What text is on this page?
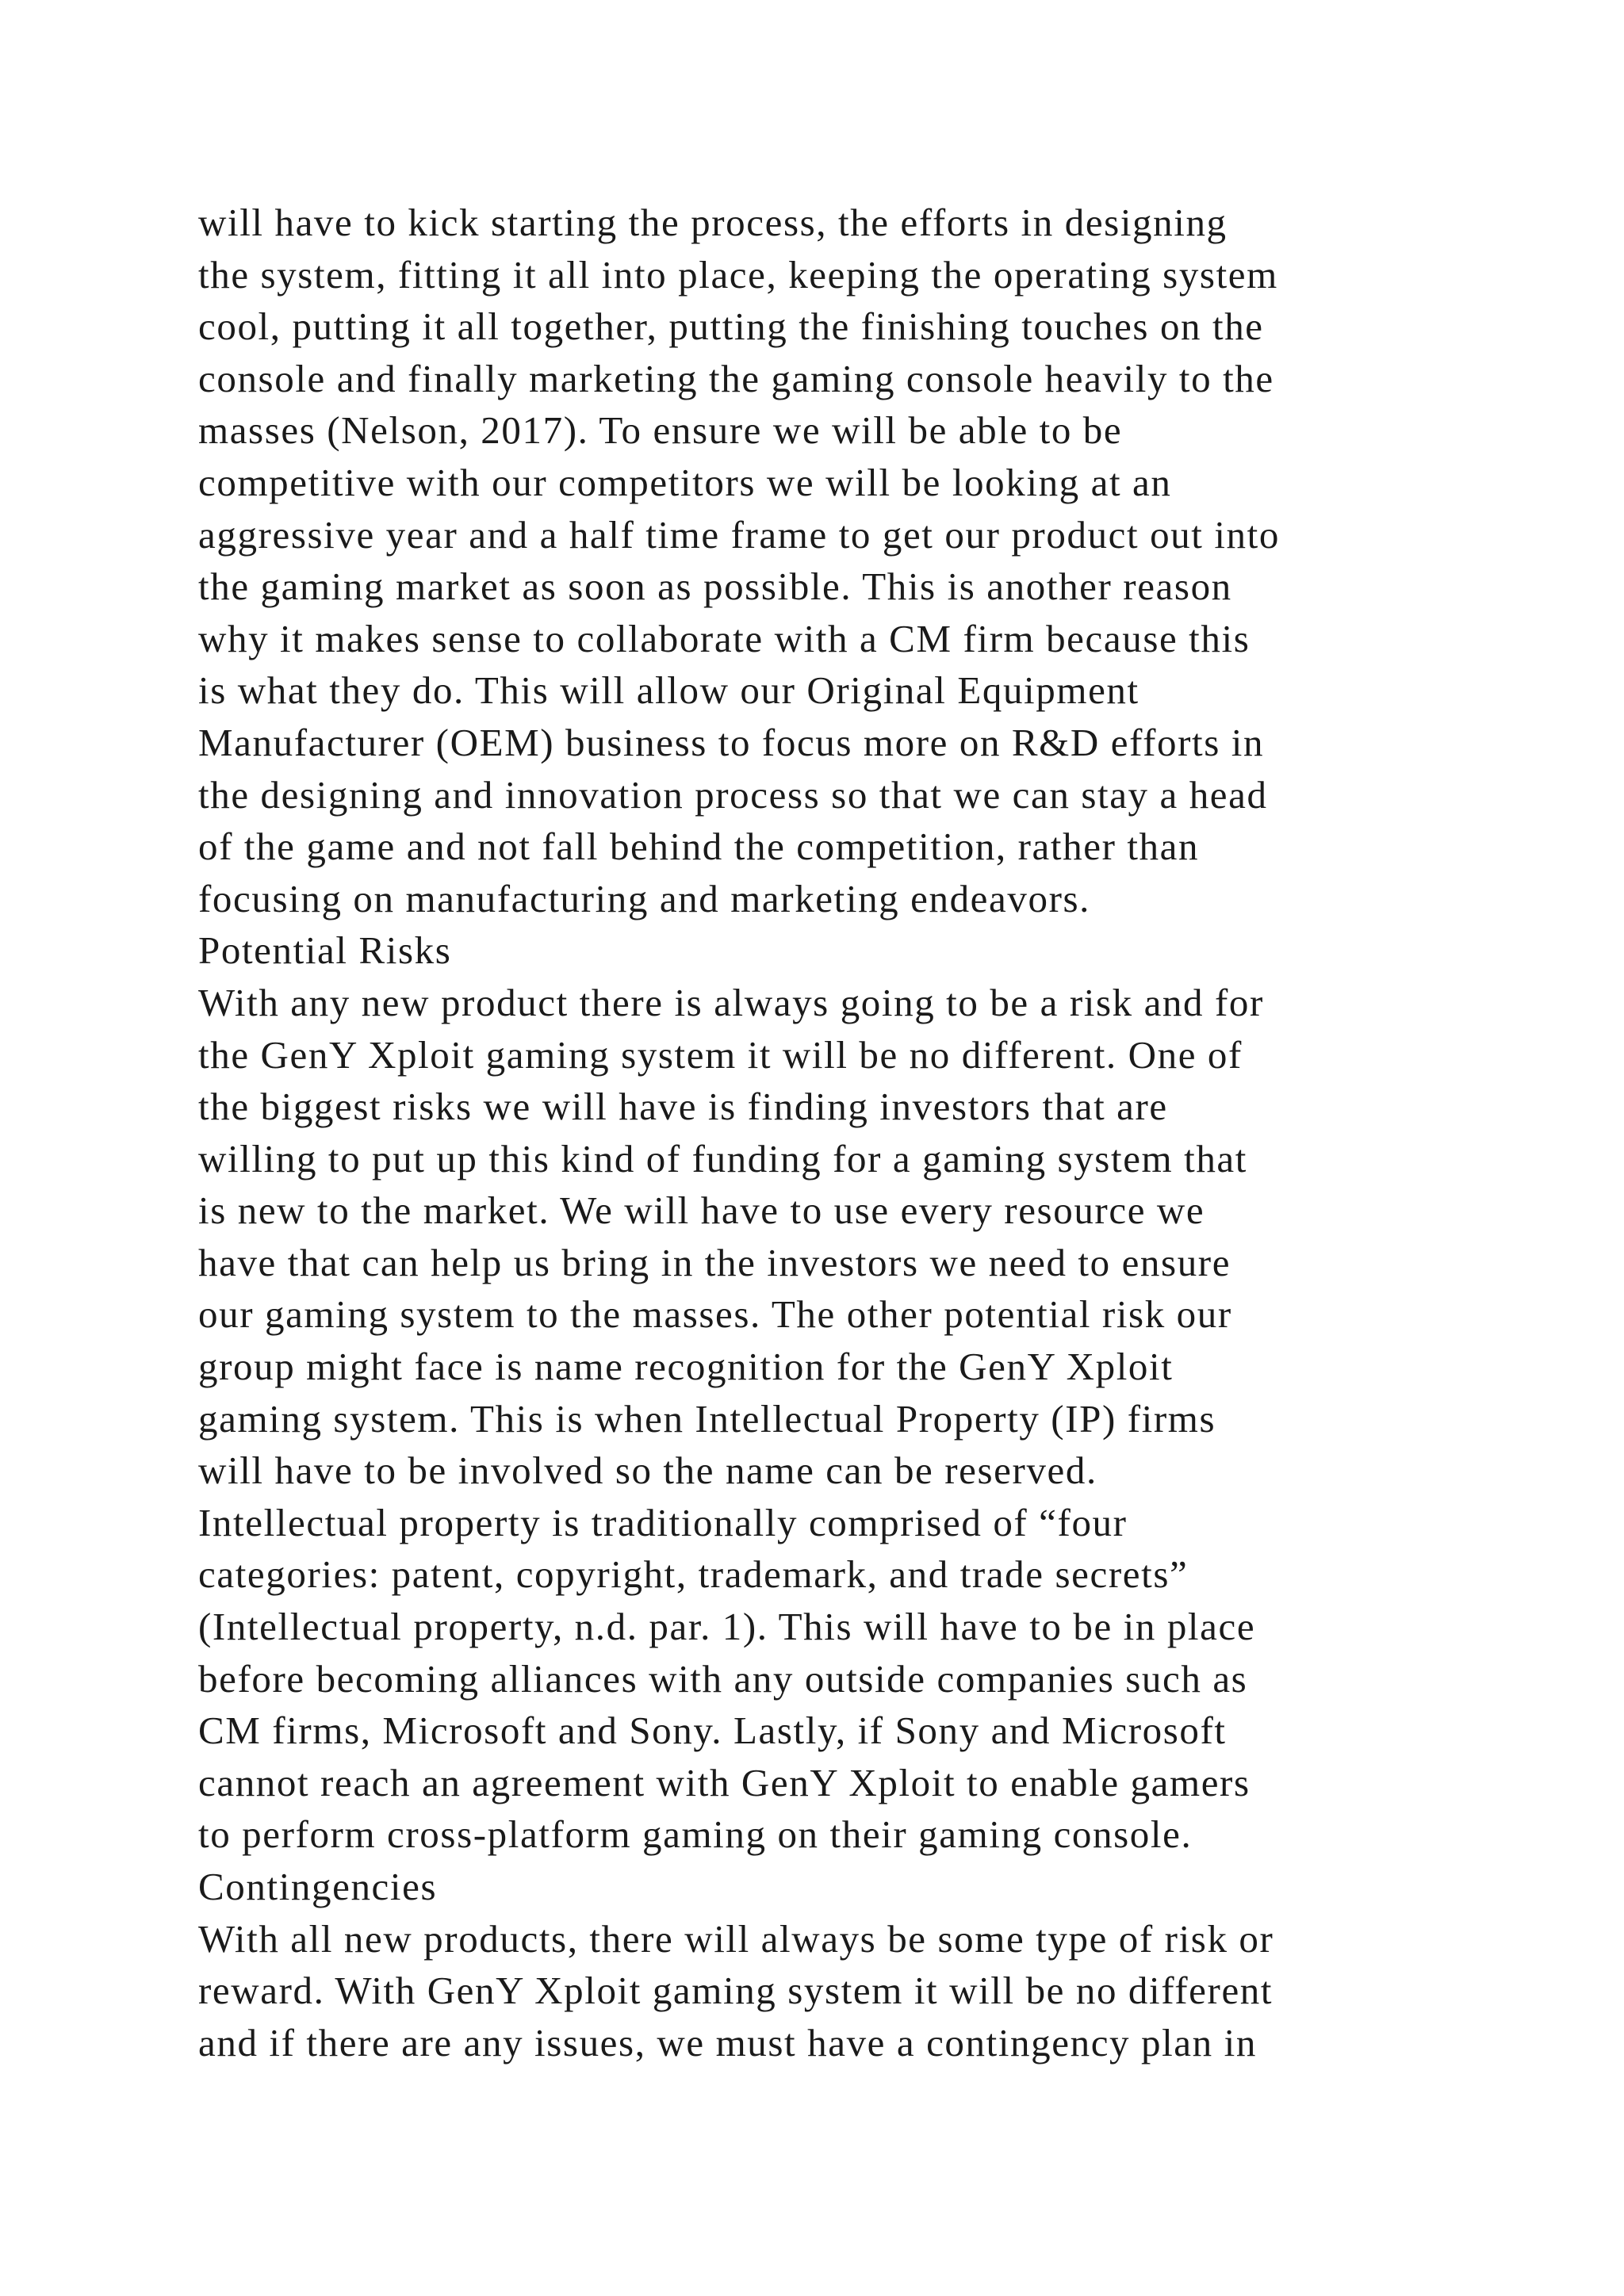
will have to kick starting the process, the efforts in designing
the system, fitting it all into place, keeping the operating system
cool, putting it all together, putting the finishing touches on the
console and finally marketing the gaming console heavily to the
masses (Nelson, 2017). To ensure we will be able to be
competitive with our competitors we will be looking at an
aggressive year and a half time frame to get our product out into
the gaming market as soon as possible. This is another reason
why it makes sense to collaborate with a CM firm because this
is what they do. This will allow our Original Equipment
Manufacturer (OEM) business to focus more on R&D efforts in
the designing and innovation process so that we can stay a head
of the game and not fall behind the competition, rather than
focusing on manufacturing and marketing endeavors.
Potential Risks
With any new product there is always going to be a risk and for
the GenY Xploit gaming system it will be no different. One of
the biggest risks we will have is finding investors that are
willing to put up this kind of funding for a gaming system that
is new to the market. We will have to use every resource we
have that can help us bring in the investors we need to ensure
our gaming system to the masses. The other potential risk our
group might face is name recognition for the GenY Xploit
gaming system. This is when Intellectual Property (IP) firms
will have to be involved so the name can be reserved.
Intellectual property is traditionally comprised of “four
categories: patent, copyright, trademark, and trade secrets”
(Intellectual property, n.d. par. 1). This will have to be in place
before becoming alliances with any outside companies such as
CM firms, Microsoft and Sony. Lastly, if Sony and Microsoft
cannot reach an agreement with GenY Xploit to enable gamers
to perform cross-platform gaming on their gaming console.
Contingencies
With all new products, there will always be some type of risk or
reward. With GenY Xploit gaming system it will be no different
and if there are any issues, we must have a contingency plan in
